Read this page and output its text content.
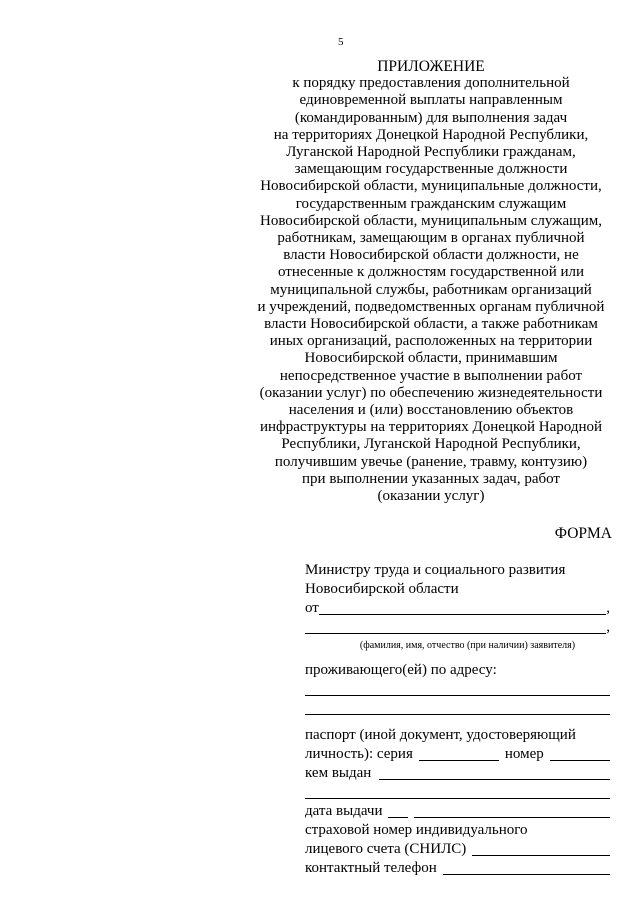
5
ПРИЛОЖЕНИЕ
к порядку предоставления дополнительной
единовременной выплаты направленным
(командированным) для выполнения задач
на территориях Донецкой Народной Республики,
Луганской Народной Республики гражданам,
замещающим государственные должности
Новосибирской области, муниципальные должности,
государственным гражданским служащим
Новосибирской области, муниципальным служащим,
работникам, замещающим в органах публичной
власти Новосибирской области должности, не
отнесенные к должностям государственной или
муниципальной службы, работникам организаций
и учреждений, подведомственных органам публичной
власти Новосибирской области, а также работникам
иных организаций, расположенных на территории
Новосибирской области, принимавшим
непосредственное участие в выполнении работ
(оказании услуг) по обеспечению жизнедеятельности
населения и (или) восстановлению объектов
инфраструктуры на территориях Донецкой Народной
Республики, Луганской Народной Республики,
получившим увечье (ранение, травму, контузию)
при выполнении указанных задач, работ
(оказании услуг)
ФОРМА
Министру труда и социального развития
Новосибирской области
от	,
,
(фамилия, имя, отчество (при наличии) заявителя)
проживающего(ей) по адресу:
паспорт (иной документ, удостоверяющий
личность): серия	номер
кем выдан
дата выдачи
страховой номер индивидуального
лицевого счета (СНИЛС)
контактный телефон
